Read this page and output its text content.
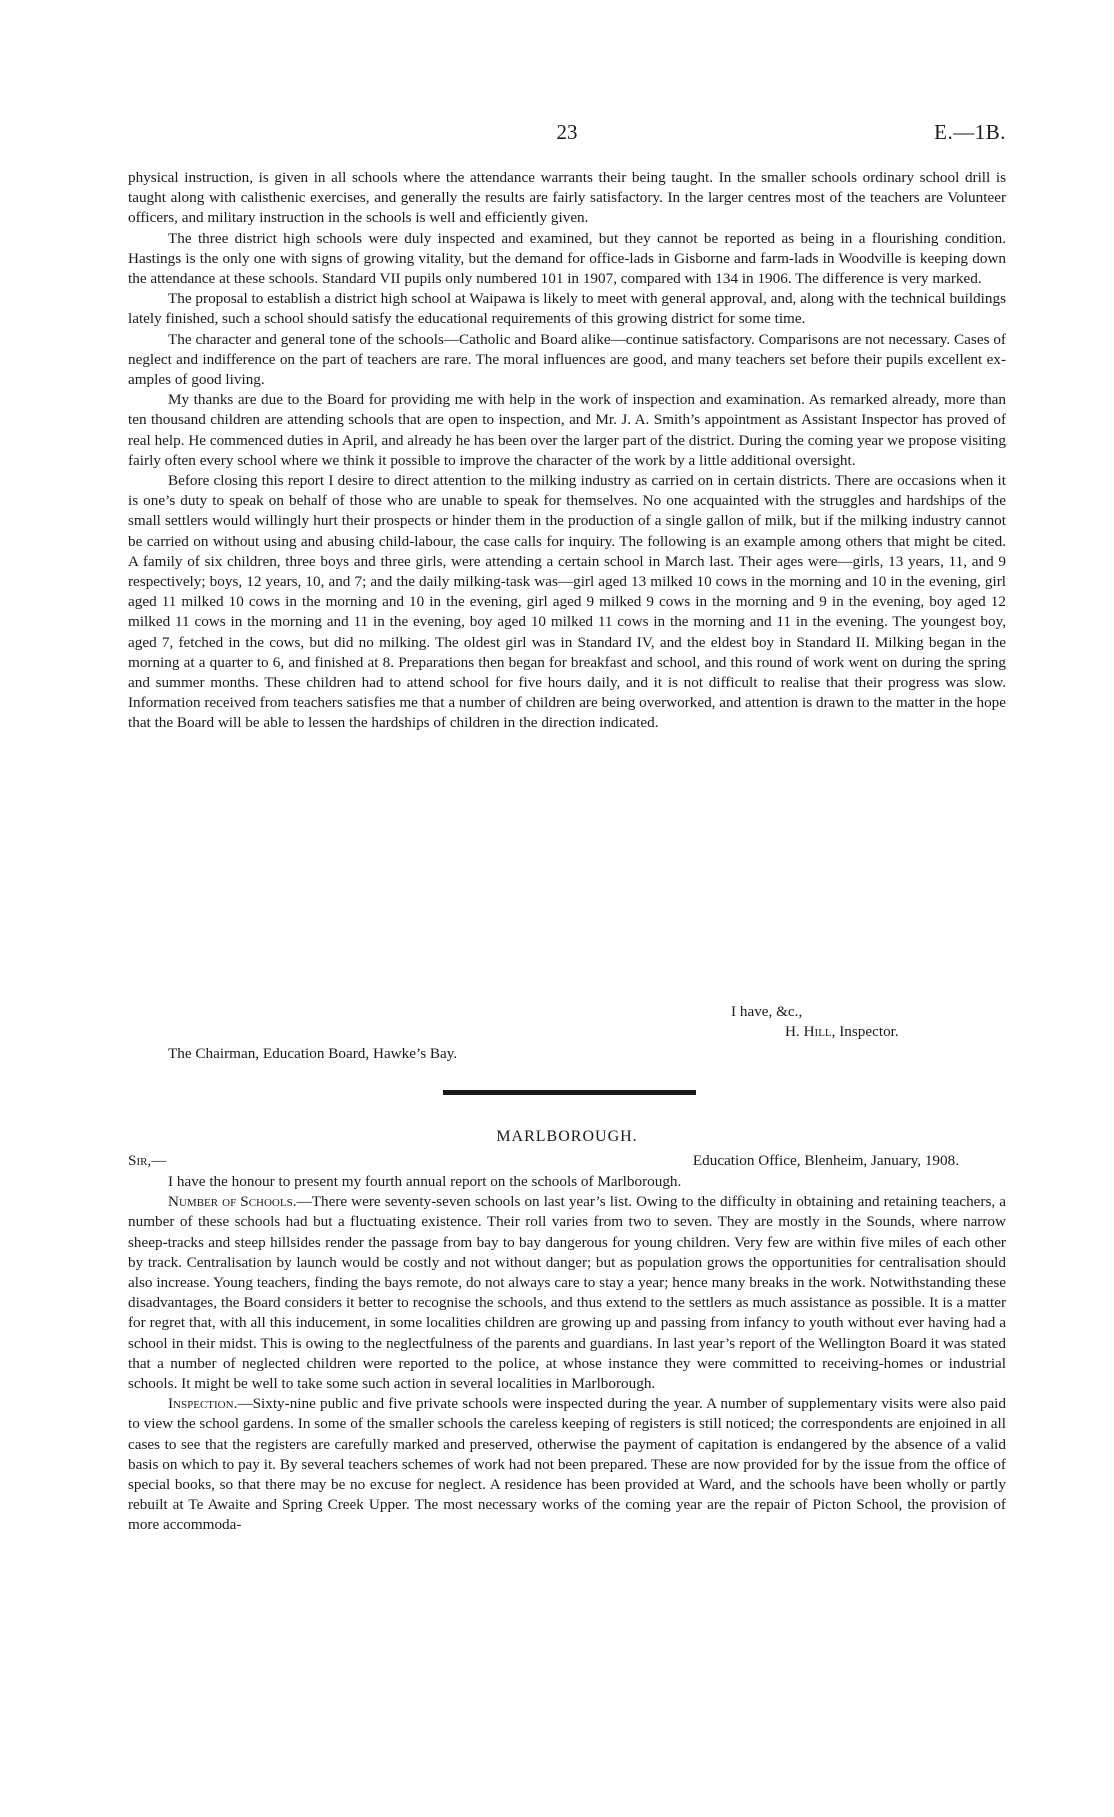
23	E.—1B.

physical instruction, is given in all schools where the attendance warrants their being taught. In the smaller schools ordinary school drill is taught along with calisthenic exercises, and generally the results are fairly satisfactory. In the larger centres most of the teachers are Volunteer officers, and military instruction in the schools is well and efficiently given.

The three district high schools were duly inspected and examined, but they cannot be reported as being in a flourishing condition. Hastings is the only one with signs of growing vitality, but the demand for office-lads in Gisborne and farm-lads in Woodville is keeping down the attendance at these schools. Standard VII pupils only numbered 101 in 1907, compared with 134 in 1906. The difference is very marked.

The proposal to establish a district high school at Waipawa is likely to meet with general approval, and, along with the technical buildings lately finished, such a school should satisfy the educational requirements of this growing district for some time.

The character and general tone of the schools—Catholic and Board alike—continue satisfactory. Comparisons are not necessary. Cases of neglect and indifference on the part of teachers are rare. The moral influences are good, and many teachers set before their pupils excellent examples of good living.

My thanks are due to the Board for providing me with help in the work of inspection and examination. As remarked already, more than ten thousand children are attending schools that are open to inspection, and Mr. J. A. Smith’s appointment as Assistant Inspector has proved of real help. He commenced duties in April, and already he has been over the larger part of the district. During the coming year we propose visiting fairly often every school where we think it possible to improve the character of the work by a little additional oversight.

Before closing this report I desire to direct attention to the milking industry as carried on in certain districts. There are occasions when it is one’s duty to speak on behalf of those who are unable to speak for themselves. No one acquainted with the struggles and hardships of the small settlers would willingly hurt their prospects or hinder them in the production of a single gallon of milk, but if the milking industry cannot be carried on without using and abusing child-labour, the case calls for inquiry. The following is an example among others that might be cited. A family of six children, three boys and three girls, were attending a certain school in March last. Their ages were—girls, 13 years, 11, and 9 respectively; boys, 12 years, 10, and 7; and the daily milking-task was—girl aged 13 milked 10 cows in the morning and 10 in the evening, girl aged 11 milked 10 cows in the morning and 10 in the evening, girl aged 9 milked 9 cows in the morning and 9 in the evening, boy aged 12 milked 11 cows in the morning and 11 in the evening, boy aged 10 milked 11 cows in the morning and 11 in the evening. The youngest boy, aged 7, fetched in the cows, but did no milking. The oldest girl was in Standard IV, and the eldest boy in Standard II. Milking began in the morning at a quarter to 6, and finished at 8. Preparations then began for breakfast and school, and this round of work went on during the spring and summer months. These children had to attend school for five hours daily, and it is not difficult to realise that their progress was slow. Information received from teachers satisfies me that a number of children are being overworked, and attention is drawn to the matter in the hope that the Board will be able to lessen the hardships of children in the direction indicated.

I have, &c.,
H. Hill, Inspector.
The Chairman, Education Board, Hawke’s Bay.
MARLBOROUGH.
Sir,—	Education Office, Blenheim, January, 1908.

I have the honour to present my fourth annual report on the schools of Marlborough.

Number of Schools.—There were seventy-seven schools on last year’s list. Owing to the difficulty in obtaining and retaining teachers, a number of these schools had but a fluctuating existence. Their roll varies from two to seven. They are mostly in the Sounds, where narrow sheep-tracks and steep hillsides render the passage from bay to bay dangerous for young children. Very few are within five miles of each other by track. Centralisation by launch would be costly and not without danger; but as population grows the opportunities for centralisation should also increase. Young teachers, finding the bays remote, do not always care to stay a year; hence many breaks in the work. Notwithstanding these disadvantages, the Board considers it better to recognise the schools, and thus extend to the settlers as much assistance as possible. It is a matter for regret that, with all this inducement, in some localities children are growing up and passing from infancy to youth without ever having had a school in their midst. This is owing to the neglectfulness of the parents and guardians. In last year’s report of the Wellington Board it was stated that a number of neglected children were reported to the police, at whose instance they were committed to receiving-homes or industrial schools. It might be well to take some such action in several localities in Marlborough.

Inspection.—Sixty-nine public and five private schools were inspected during the year. A number of supplementary visits were also paid to view the school gardens. In some of the smaller schools the careless keeping of registers is still noticed; the correspondents are enjoined in all cases to see that the registers are carefully marked and preserved, otherwise the payment of capitation is endangered by the absence of a valid basis on which to pay it. By several teachers schemes of work had not been prepared. These are now provided for by the issue from the office of special books, so that there may be no excuse for neglect. A residence has been provided at Ward, and the schools have been wholly or partly rebuilt at Te Awaite and Spring Creek Upper. The most necessary works of the coming year are the repair of Picton School, the provision of more accommoda-
